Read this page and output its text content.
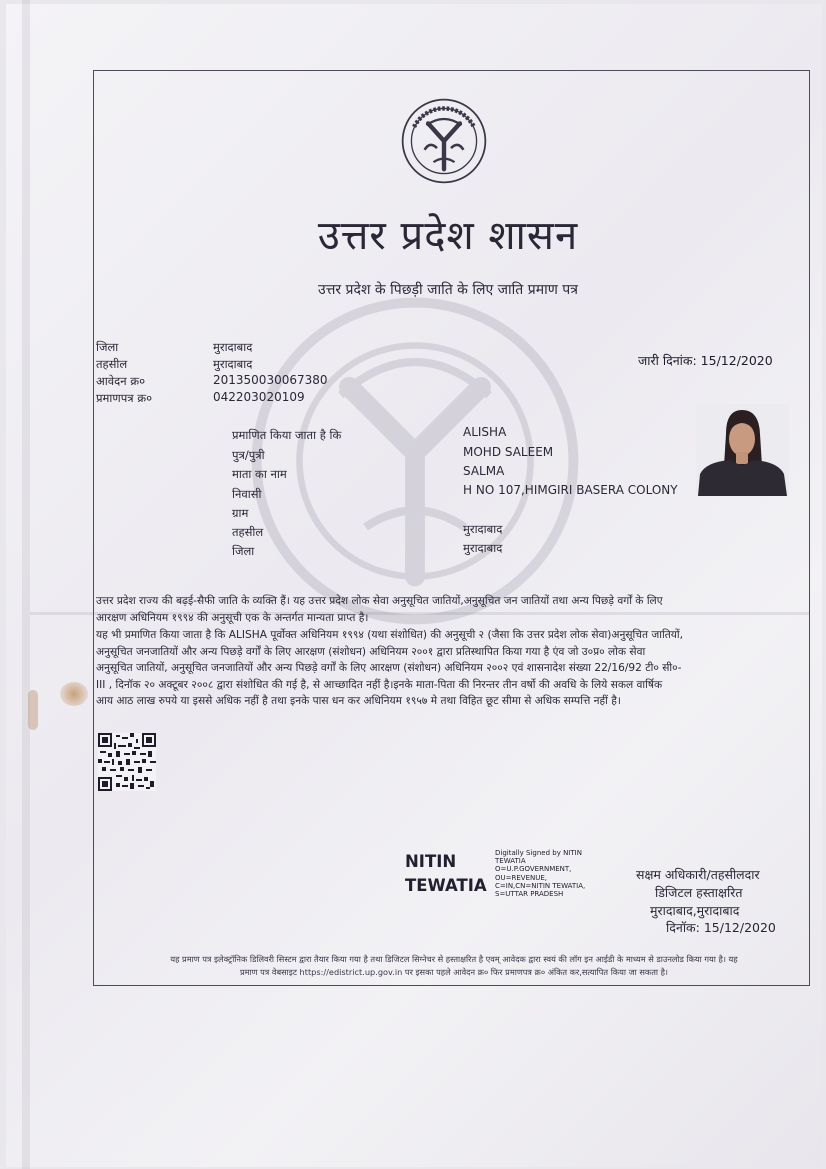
उत्तर प्रदेश शासन
उत्तर प्रदेश के पिछड़ी जाति के लिए जाति प्रमाण पत्र
जिला	मुरादाबाद
तहसील	मुरादाबाद
आवेदन क्र०	201350030067380
प्रमाणपत्र क्र०	042203020109
जारी दिनांक: 15/12/2020
प्रमाणित किया जाता है कि	ALISHA
पुत्र/पुत्री	MOHD SALEEM
माता का नाम	SALMA
निवासी	H NO 107,HIMGIRI BASERA COLONY
ग्राम
तहसील	मुरादाबाद
जिला	मुरादाबाद
उत्तर प्रदेश राज्य की बढ़ई-सैफी जाति के व्यक्ति हैं। यह उत्तर प्रदेश लोक सेवा अनुसूचित जातियों,अनुसूचित जन जातियों तथा अन्य पिछड़े वर्गों के लिए
आरक्षण अधिनियम १९९४ की अनुसूची एक के अन्तर्गत मान्यता प्राप्त है।
यह भी प्रमाणित किया जाता है कि ALISHA पूर्वोक्त अधिनियम १९९४ (यथा संशोधित) की अनुसूची २ (जैसा कि उत्तर प्रदेश लोक सेवा)अनुसूचित जातियों,
अनुसूचित जनजातियों और अन्य पिछड़े वर्गों के लिए आरक्षण (संशोधन) अधिनियम २००१ द्वारा प्रतिस्थापित किया गया है एंव जो उ०प्र० लोक सेवा
अनुसूचित जातियों, अनुसूचित जनजातियों और अन्य पिछड़े वर्गों के लिए आरक्षण (संशोधन) अधिनियम २००२ एवं शासनादेश संख्या 22/16/92 टी० सी०-
III , दिनॉक २० अक्टूबर २००८ द्वारा संशोधित की गई है, से आच्छादित नहीं है।इनके माता-पिता की निरन्तर तीन वर्षो की अवधि के लिये सकल वार्षिक
आय आठ लाख रुपये या इससे अधिक नहीं है तथा इनके पास धन कर अधिनियम १९५७ मे तथा विहित छूट सीमा से अधिक सम्पत्ति नहीं है।
NITIN
TEWATIA
Digitally Signed by NITIN
TEWATIA
O=U.P.GOVERNMENT,
OU=REVENUE,
C=IN,CN=NITIN TEWATIA,
S=UTTAR PRADESH
सक्षम अधिकारी/तहसीलदार
डिजिटल हस्ताक्षरित
मुरादाबाद,मुरादाबाद
दिनॉक: 15/12/2020
यह प्रमाण पत्र इलेक्ट्रॉनिक डिलिवरी सिस्टम द्वारा तैयार किया गया है तथा डिजिटल सिग्नेचर से हस्ताक्षरित है एवम् आवेदक द्वारा स्वयं की लॉग इन आईडी के माध्यम से डाउनलोड किया गया है। यह
प्रमाण पत्र वेबसाइट https://edistrict.up.gov.in पर इसका पहले आवेदन क्र० फिर प्रमाणपत्र क्र० अंकित कर,सत्यापित किया जा सकता है।
